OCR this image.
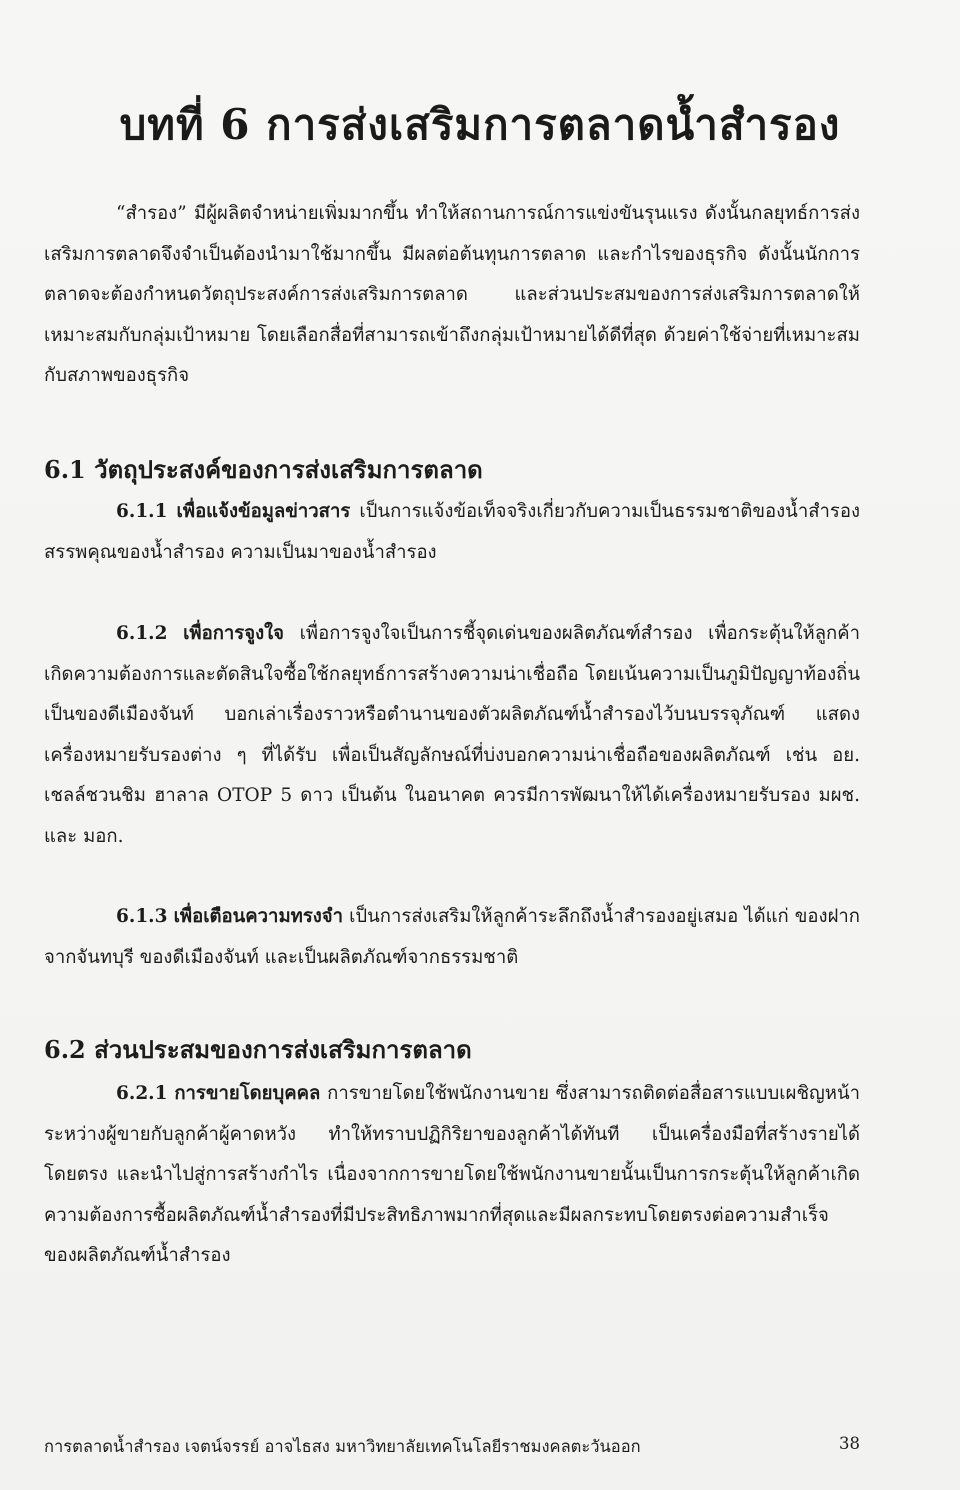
บทที่ 6 การส่งเสริมการตลาดน้ำสำรอง

“สำรอง” มีผู้ผลิตจำหน่ายเพิ่มมากขึ้น ทำให้สถานการณ์การแข่งขันรุนแรง ดังนั้นกลยุทธ์การส่งเสริมการตลาดจึงจำเป็นต้องนำมาใช้มากขึ้น มีผลต่อต้นทุนการตลาด และกำไรของธุรกิจ ดังนั้นนักการตลาดจะต้องกำหนดวัตถุประสงค์การส่งเสริมการตลาด และส่วนประสมของการส่งเสริมการตลาดให้เหมาะสมกับกลุ่มเป้าหมาย โดยเลือกสื่อที่สามารถเข้าถึงกลุ่มเป้าหมายได้ดีที่สุด ด้วยค่าใช้จ่ายที่เหมาะสมกับสภาพของธุรกิจ

6.1 วัตถุประสงค์ของการส่งเสริมการตลาด

6.1.1 เพื่อแจ้งข้อมูลข่าวสาร เป็นการแจ้งข้อเท็จจริงเกี่ยวกับความเป็นธรรมชาติของน้ำสำรอง สรรพคุณของน้ำสำรอง ความเป็นมาของน้ำสำรอง

6.1.2 เพื่อการจูงใจ เพื่อการจูงใจเป็นการชี้จุดเด่นของผลิตภัณฑ์สำรอง เพื่อกระตุ้นให้ลูกค้าเกิดความต้องการและตัดสินใจซื้อใช้กลยุทธ์การสร้างความน่าเชื่อถือ โดยเน้นความเป็นภูมิปัญญาท้องถิ่นเป็นของดีเมืองจันท์ บอกเล่าเรื่องราวหรือตำนานของตัวผลิตภัณฑ์น้ำสำรองไว้บนบรรจุภัณฑ์ แสดงเครื่องหมายรับรองต่าง ๆ ที่ได้รับ เพื่อเป็นสัญลักษณ์ที่บ่งบอกความน่าเชื่อถือของผลิตภัณฑ์ เช่น อย. เชลล์ชวนชิม ฮาลาล OTOP 5 ดาว เป็นต้น ในอนาคต ควรมีการพัฒนาให้ได้เครื่องหมายรับรอง มผช. และ มอก.

6.1.3 เพื่อเตือนความทรงจำ เป็นการส่งเสริมให้ลูกค้าระลึกถึงน้ำสำรองอยู่เสมอ ได้แก่ ของฝากจากจันทบุรี ของดีเมืองจันท์ และเป็นผลิตภัณฑ์จากธรรมชาติ

6.2 ส่วนประสมของการส่งเสริมการตลาด

6.2.1 การขายโดยบุคคล การขายโดยใช้พนักงานขาย ซึ่งสามารถติดต่อสื่อสารแบบเผชิญหน้าระหว่างผู้ขายกับลูกค้าผู้คาดหวัง ทำให้ทราบปฏิกิริยาของลูกค้าได้ทันที เป็นเครื่องมือที่สร้างรายได้โดยตรง และนำไปสู่การสร้างกำไร เนื่องจากการขายโดยใช้พนักงานขายนั้นเป็นการกระตุ้นให้ลูกค้าเกิดความต้องการซื้อผลิตภัณฑ์น้ำสำรองที่มีประสิทธิภาพมากที่สุดและมีผลกระทบโดยตรงต่อความสำเร็จของผลิตภัณฑ์น้ำสำรอง

การตลาดน้ำสำรอง เจตน์จรรย์ อาจไธสง มหาวิทยาลัยเทคโนโลยีราชมงคลตะวันออก	38
